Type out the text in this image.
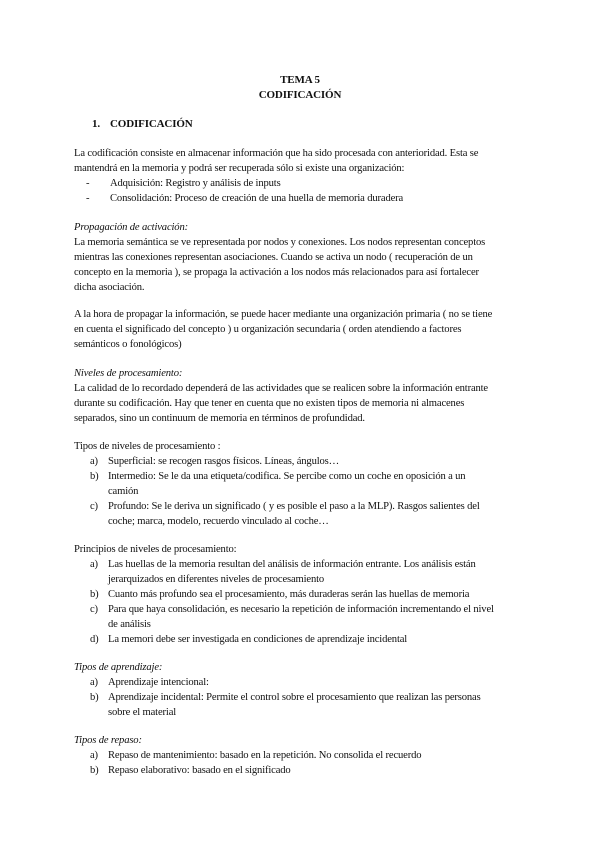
TEMA 5
CODIFICACIÓN
1. CODIFICACIÓN
La codificación consiste en almacenar información que ha sido procesada con anterioridad. Esta se
mantendrá en la memoria y podrá ser recuperada sólo si existe una organización:
- Adquisición: Registro y análisis de inputs
- Consolidación: Proceso de creación de una huella de memoria duradera
Propagación de activación:
La memoria semántica se ve representada por nodos y conexiones. Los nodos representan conceptos
mientras las conexiones representan asociaciones. Cuando se activa un nodo ( recuperación de un
concepto en la memoria ), se propaga la activación a los nodos más relacionados para así fortalecer
dicha asociación.
A la hora de propagar la información, se puede hacer mediante una organización primaria ( no se tiene
en cuenta el significado del concepto ) u organización secundaria ( orden atendiendo a factores
semánticos o fonológicos)
Niveles de procesamiento:
La calidad de lo recordado dependerá de las actividades que se realicen sobre la información entrante
durante su codificación. Hay que tener en cuenta que no existen tipos de memoria ni almacenes
separados, sino un continuum de memoria en términos de profundidad.
Tipos de niveles de procesamiento :
a) Superficial: se recogen rasgos físicos. Líneas, ángulos…
b) Intermedio: Se le da una etiqueta/codifica. Se percibe como un coche en oposición a un
camión
c) Profundo: Se le deriva un significado ( y es posible el paso a la MLP). Rasgos salientes del
coche; marca, modelo, recuerdo vinculado al coche…
Principios de niveles de procesamiento:
a) Las huellas de la memoria resultan del análisis de información entrante. Los análisis están
jerarquizados en diferentes niveles de procesamiento
b) Cuanto más profundo sea el procesamiento, más duraderas serán las huellas de memoria
c) Para que haya consolidación, es necesario la repetición de información incrementando el nivel
de análisis
d) La memori debe ser investigada en condiciones de aprendizaje incidental
Tipos de aprendizaje:
a) Aprendizaje intencional:
b) Aprendizaje incidental: Permite el control sobre el procesamiento que realizan las personas
sobre el material
Tipos de repaso:
a) Repaso de mantenimiento: basado en la repetición. No consolida el recuerdo
b) Repaso elaborativo: basado en el significado
